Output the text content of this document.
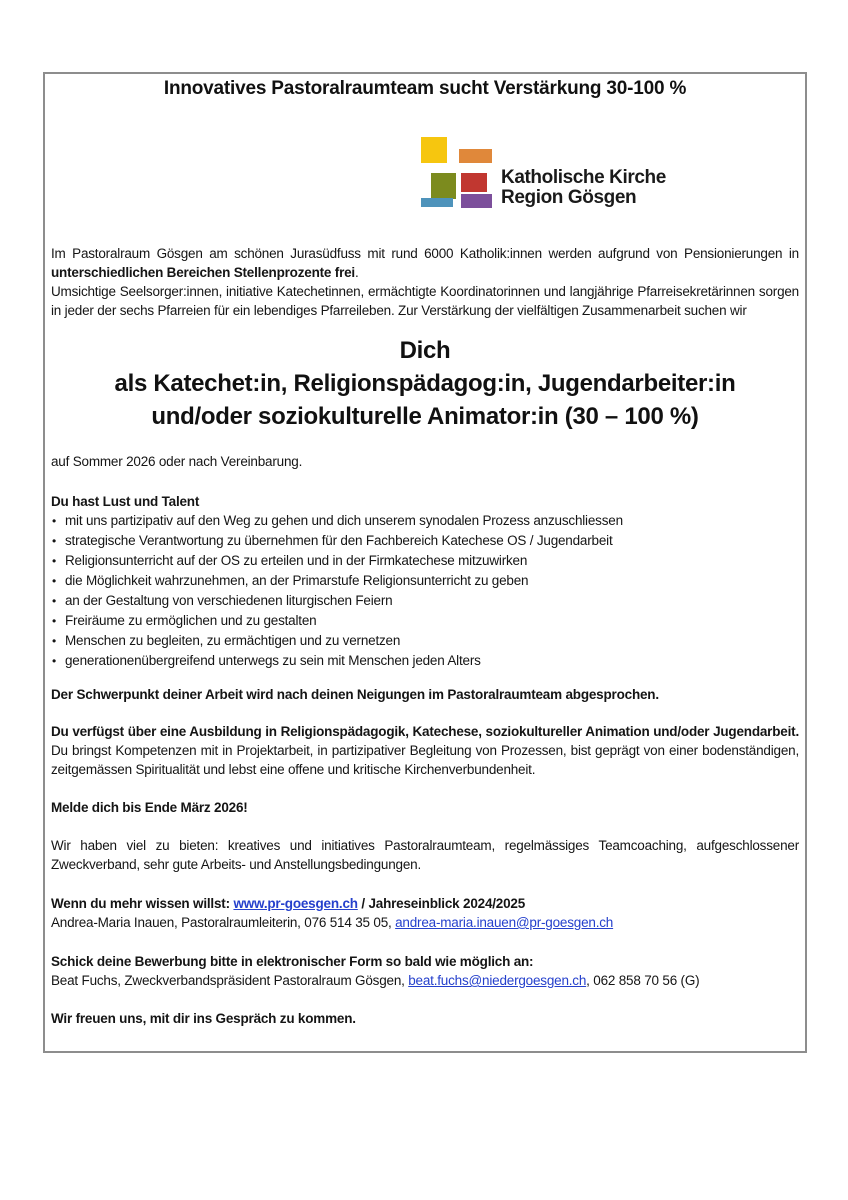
Innovatives Pastoralraumteam sucht Verstärkung 30-100 %
Katholische Kirche
Region Gösgen

Im Pastoralraum Gösgen am schönen Jurasüdfuss mit rund 6000 Katholik:innen werden aufgrund von Pensionierungen in unterschiedlichen Bereichen Stellenprozente frei.

Umsichtige Seelsorger:innen, initiative Katechetinnen, ermächtigte Koordinatorinnen und langjährige Pfarreisekretärinnen sorgen in jeder der sechs Pfarreien für ein lebendiges Pfarreileben. Zur Verstärkung der vielfältigen Zusammenarbeit suchen wir

Dich
als Katechet:in, Religionspädagog:in, Jugendarbeiter:in
und/oder soziokulturelle Animator:in (30 – 100 %)

auf Sommer 2026 oder nach Vereinbarung.

Du hast Lust und Talent

• mit uns partizipativ auf den Weg zu gehen und dich unserem synodalen Prozess anzuschliessen
• strategische Verantwortung zu übernehmen für den Fachbereich Katechese OS / Jugendarbeit
• Religionsunterricht auf der OS zu erteilen und in der Firmkatechese mitzuwirken
• die Möglichkeit wahrzunehmen, an der Primarstufe Religionsunterricht zu geben
• an der Gestaltung von verschiedenen liturgischen Feiern
• Freiräume zu ermöglichen und zu gestalten
• Menschen zu begleiten, zu ermächtigen und zu vernetzen
• generationenübergreifend unterwegs zu sein mit Menschen jeden Alters

Der Schwerpunkt deiner Arbeit wird nach deinen Neigungen im Pastoralraumteam abgesprochen.

Du verfügst über eine Ausbildung in Religionspädagogik, Katechese, soziokultureller Animation und/oder Jugendarbeit. Du bringst Kompetenzen mit in Projektarbeit, in partizipativer Begleitung von Prozessen, bist geprägt von einer bodenständigen, zeitgemässen Spiritualität und lebst eine offene und kritische Kirchenverbundenheit.

Melde dich bis Ende März 2026!

Wir haben viel zu bieten: kreatives und initiatives Pastoralraumteam, regelmässiges Teamcoaching, aufgeschlossener Zweckverband, sehr gute Arbeits- und Anstellungsbedingungen.

Wenn du mehr wissen willst: www.pr-goesgen.ch / Jahreseinblick 2024/2025

Andrea-Maria Inauen, Pastoralraumleiterin, 076 514 35 05, andrea-maria.inauen@pr-goesgen.ch

Schick deine Bewerbung bitte in elektronischer Form so bald wie möglich an:

Beat Fuchs, Zweckverbandspräsident Pastoralraum Gösgen, beat.fuchs@niedergoesgen.ch, 062 858 70 56 (G)

Wir freuen uns, mit dir ins Gespräch zu kommen.
